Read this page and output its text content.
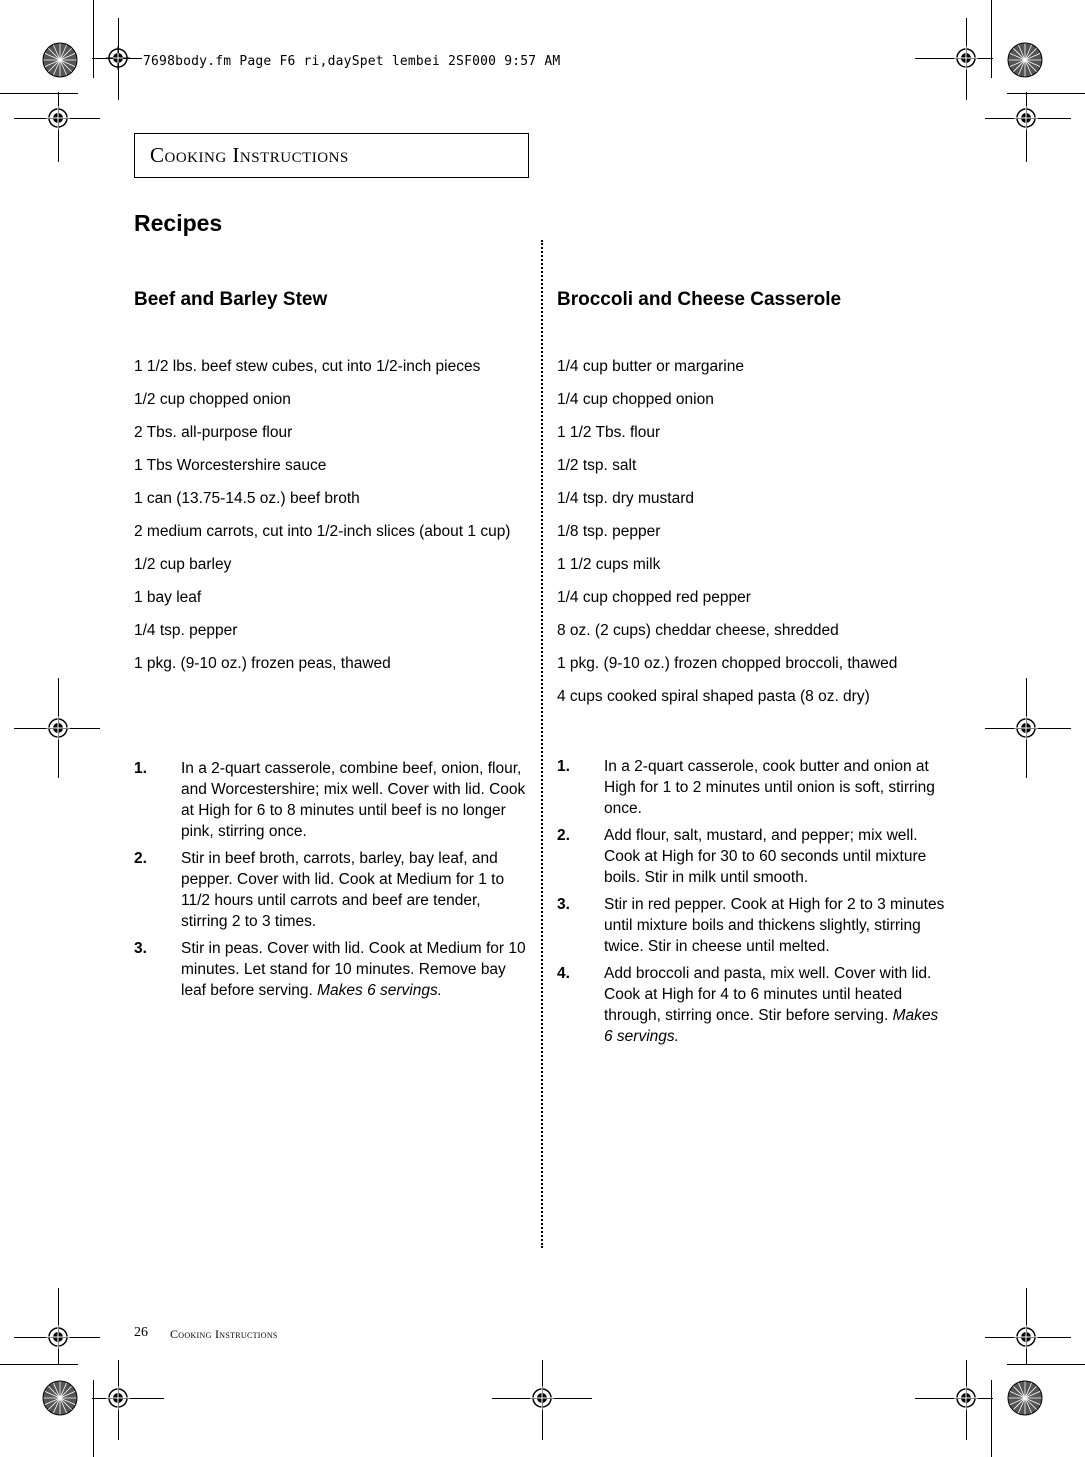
7698body.fm Page F6 ri,daySpet lembei 2SF000 9:57 AM
Cooking Instructions
Recipes
Beef and Barley Stew
1 1/2 lbs. beef stew cubes, cut into 1/2-inch pieces
1/2 cup chopped onion
2 Tbs. all-purpose flour
1 Tbs Worcestershire sauce
1 can (13.75-14.5 oz.) beef broth
2 medium carrots, cut into 1/2-inch slices (about 1 cup)
1/2 cup barley
1 bay leaf
1/4 tsp. pepper
1 pkg. (9-10 oz.) frozen peas, thawed
1. In a 2-quart casserole, combine beef, onion, flour, and Worcestershire; mix well. Cover with lid. Cook at High for 6 to 8 minutes until beef is no longer pink, stirring once.
2. Stir in beef broth, carrots, barley, bay leaf, and pepper. Cover with lid. Cook at Medium for 1 to 11/2 hours until carrots and beef are tender, stirring 2 to 3 times.
3. Stir in peas. Cover with lid. Cook at Medium for 10 minutes. Let stand for 10 minutes. Remove bay leaf before serving. Makes 6 servings.
Broccoli and Cheese Casserole
1/4 cup butter or margarine
1/4 cup chopped onion
1 1/2 Tbs. flour
1/2 tsp. salt
1/4 tsp. dry mustard
1/8 tsp. pepper
1 1/2 cups milk
1/4 cup chopped red pepper
8 oz. (2 cups) cheddar cheese, shredded
1 pkg. (9-10 oz.) frozen chopped broccoli, thawed
4 cups cooked spiral shaped pasta (8 oz. dry)
1. In a 2-quart casserole, cook butter and onion at High for 1 to 2 minutes until onion is soft, stirring once.
2. Add flour, salt, mustard, and pepper; mix well. Cook at High for 30 to 60 seconds until mixture boils. Stir in milk until smooth.
3. Stir in red pepper. Cook at High for 2 to 3 minutes until mixture boils and thickens slightly, stirring twice. Stir in cheese until melted.
4. Add broccoli and pasta, mix well. Cover with lid. Cook at High for 4 to 6 minutes until heated through, stirring once. Stir before serving. Makes 6 servings.
26 Cooking Instructions
